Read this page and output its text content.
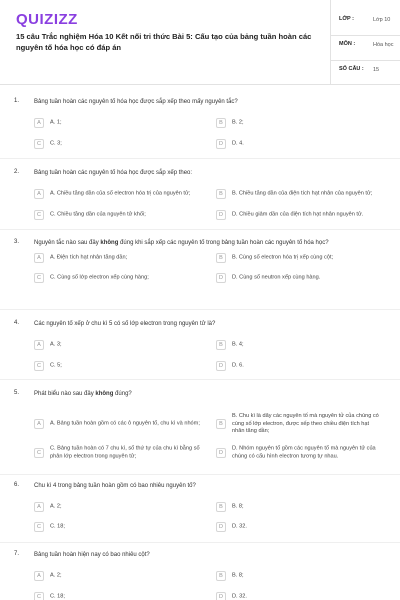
QUIZIZZ
15 câu Trắc nghiệm Hóa 10 Kết nối tri thức Bài 5: Cấu tạo của bảng tuần hoàn các nguyên tố hóa học có đáp án
LỚP :	Lớp 10
MÔN :	Hóa học
SỐ CÂU : 15
1. Bảng tuần hoàn các nguyên tố hóa học được sắp xếp theo mấy nguyên tắc?
A	A. 1;	B	B. 2;
C	C. 3;	D	D. 4.
2. Bảng tuần hoàn các nguyên tố hóa học được sắp xếp theo:
A	A. Chiều tăng dần của số electron hóa trị của nguyên tử;	B	B. Chiều tăng dần của điện tích hạt nhân của nguyên tử;
C	C. Chiều tăng dần của nguyên tử khối;	D	D. Chiều giảm dần của điện tích hạt nhân nguyên tử.
3. Nguyên tắc nào sau đây không đúng khi sắp xếp các nguyên tố trong bảng tuần hoàn các nguyên tố hóa học?
A	A. Điện tích hạt nhân tăng dần;	B	B. Cùng số electron hóa trị xếp cùng cột;
C	C. Cùng số lớp electron xếp cùng hàng;	D	D. Cùng số neutron xếp cùng hàng.
4. Các nguyên tố xếp ở chu kì 5 có số lớp electron trong nguyên tử là?
A	A. 3;	B	B. 4;
C	C. 5;	D	D. 6.
5. Phát biểu nào sau đây không đúng?
A	A. Bảng tuần hoàn gồm có các ô nguyên tố, chu kì và nhóm;	B
B. Chu kì là dãy các nguyên tố mà nguyên tử của chúng có cùng số lớp electron, được xếp theo chiều điện tích hạt nhân tăng dần;
C
C. Bảng tuần hoàn có 7 chu kì, số thứ tự của chu kì bằng số phân lớp electron trong nguyên tử;	D
D. Nhóm nguyên tố gồm các nguyên tố mà nguyên tử của chúng có cấu hình electron tương tự nhau.
6. Chu kì 4 trong bảng tuần hoàn gồm có bao nhiêu nguyên tố?
A	A. 2;	B	B. 8;
C	C. 18;	D	D. 32.
7. Bảng tuần hoàn hiện nay có bao nhiêu cột?
A	A. 2;	B	B. 8;
C	C. 18;	D	D. 32.
